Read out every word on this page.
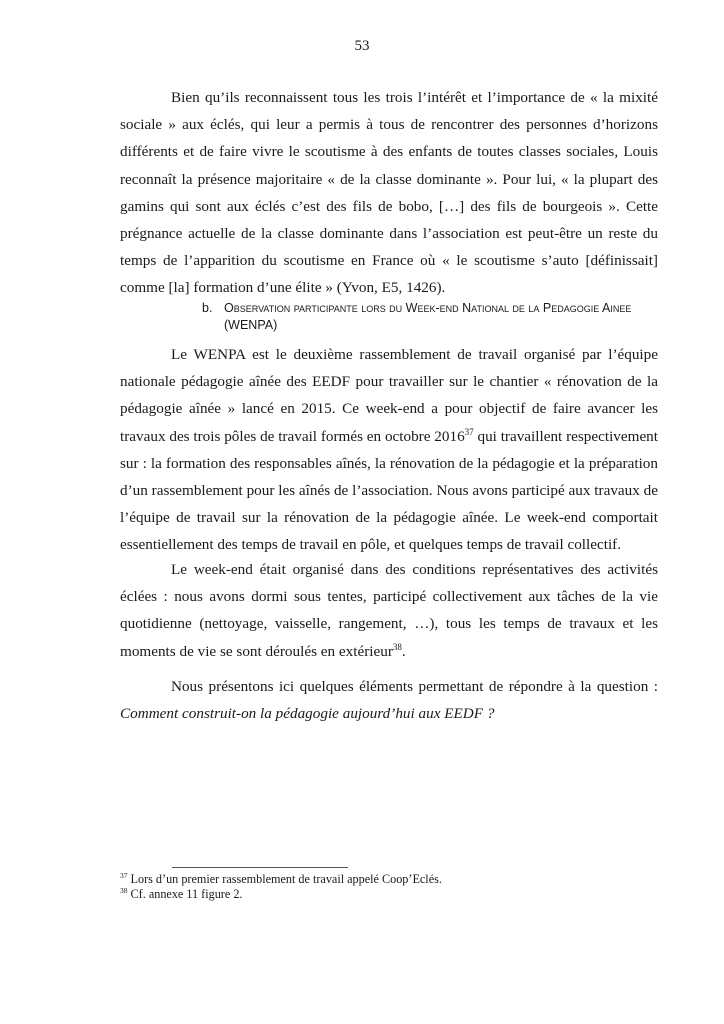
53

Bien qu’ils reconnaissent tous les trois l’intérêt et l’importance de « la mixité sociale » aux éclés, qui leur a permis à tous de rencontrer des personnes d’horizons différents et de faire vivre le scoutisme à des enfants de toutes classes sociales, Louis reconnaît la présence majoritaire « de la classe dominante ». Pour lui, « la plupart des gamins qui sont aux éclés c’est des fils de bobo, […] des fils de bourgeois ». Cette prégnance actuelle de la classe dominante dans l’association est peut-être un reste du temps de l’apparition du scoutisme en France où « le scoutisme s’auto [définissait] comme [la] formation d’une élite » (Yvon, E5, 1426).

b. Observation participante lors du Week-end National de la Pedagogie Ainee (WENPA)

Le WENPA est le deuxième rassemblement de travail organisé par l’équipe nationale pédagogie aînée des EEDF pour travailler sur le chantier « rénovation de la pédagogie aînée » lancé en 2015. Ce week-end a pour objectif de faire avancer les travaux des trois pôles de travail formés en octobre 2016$^{37}$ qui travaillent respectivement sur : la formation des responsables aînés, la rénovation de la pédagogie et la préparation d’un rassemblement pour les aînés de l’association. Nous avons participé aux travaux de l’équipe de travail sur la rénovation de la pédagogie aînée. Le week-end comportait essentiellement des temps de travail en pôle, et quelques temps de travail collectif.

Le week-end était organisé dans des conditions représentatives des activités éclées : nous avons dormi sous tentes, participé collectivement aux tâches de la vie quotidienne (nettoyage, vaisselle, rangement, …), tous les temps de travaux et les moments de vie se sont déroulés en extérieur$^{38}$.

Nous présentons ici quelques éléments permettant de répondre à la question : Comment construit-on la pédagogie aujourd’hui aux EEDF ?

$^{37}$ Lors d’un premier rassemblement de travail appelé Coop’Eclés.
$^{38}$ Cf. annexe 11 figure 2.
